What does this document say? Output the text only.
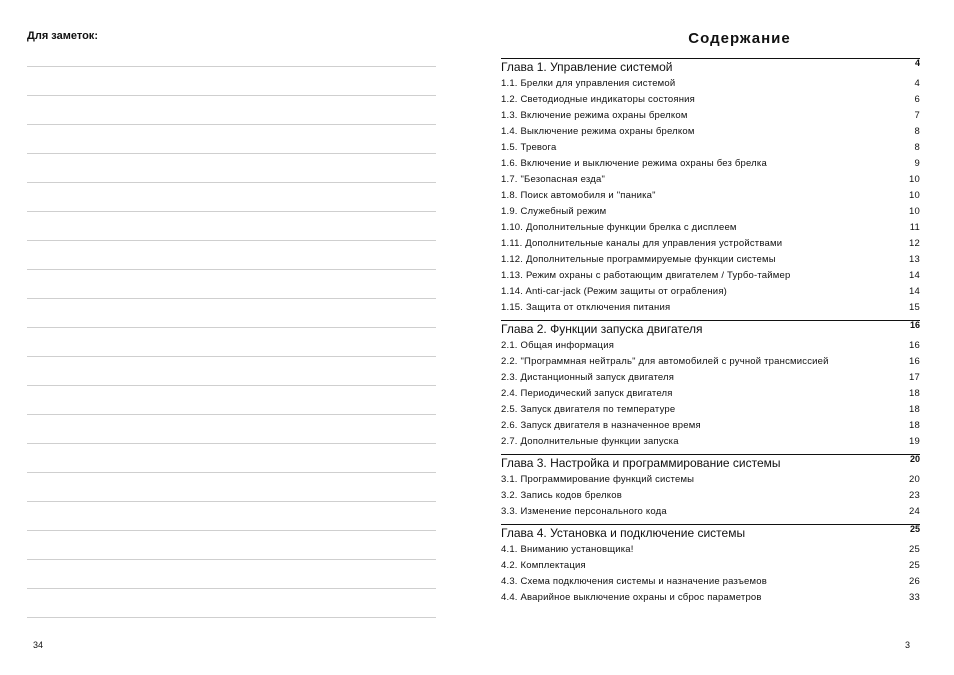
Для заметок:
34
Содержание
Глава 1. Управление системой	4
1.1. Брелки для управления системой	4
1.2. Светодиодные индикаторы состояния	6
1.3. Включение режима охраны брелком	7
1.4. Выключение режима охраны брелком	8
1.5. Тревога	8
1.6. Включение и выключение режима охраны без брелка	9
1.7. "Безопасная езда"	10
1.8. Поиск автомобиля и "паника"	10
1.9. Служебный режим	10
1.10. Дополнительные функции брелка с дисплеем	11
1.11. Дополнительные каналы для управления устройствами	12
1.12. Дополнительные программируемые функции системы	13
1.13. Режим охраны с работающим двигателем / Турбо-таймер	14
1.14. Anti-car-jack (Режим защиты от ограбления)	14
1.15. Защита от отключения питания	15
Глава 2. Функции запуска двигателя	16
2.1. Общая информация	16
2.2. "Программная нейтраль" для автомобилей с ручной трансмиссией	16
2.3. Дистанционный запуск двигателя	17
2.4. Периодический запуск двигателя	18
2.5. Запуск двигателя по температуре	18
2.6. Запуск двигателя в назначенное время	18
2.7. Дополнительные функции запуска	19
Глава 3. Настройка и программирование системы	20
3.1. Программирование функций системы	20
3.2. Запись кодов брелков	23
3.3. Изменение персонального кода	24
Глава 4. Установка и подключение системы	25
4.1. Вниманию установщика!	25
4.2. Комплектация	25
4.3. Схема подключения системы и назначение разъемов	26
4.4. Аварийное выключение охраны и сброс параметров	33
3
